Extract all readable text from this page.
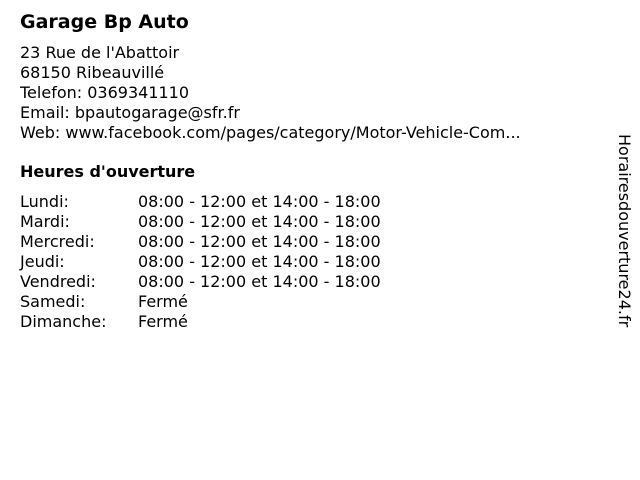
Garage Bp Auto
23 Rue de l'Abattoir
68150 Ribeauvillé
Telefon: 0369341110
Email: bpautogarage@sfr.fr
Web: www.facebook.com/pages/category/Motor-Vehicle-Com...
Heures d'ouverture
Lundi:	08:00 - 12:00 et 14:00 - 18:00
Mardi:	08:00 - 12:00 et 14:00 - 18:00
Mercredi:	08:00 - 12:00 et 14:00 - 18:00
Jeudi:	08:00 - 12:00 et 14:00 - 18:00
Vendredi:	08:00 - 12:00 et 14:00 - 18:00
Samedi:	Fermé
Dimanche:	Fermé	Horairesdouverture24.fr
